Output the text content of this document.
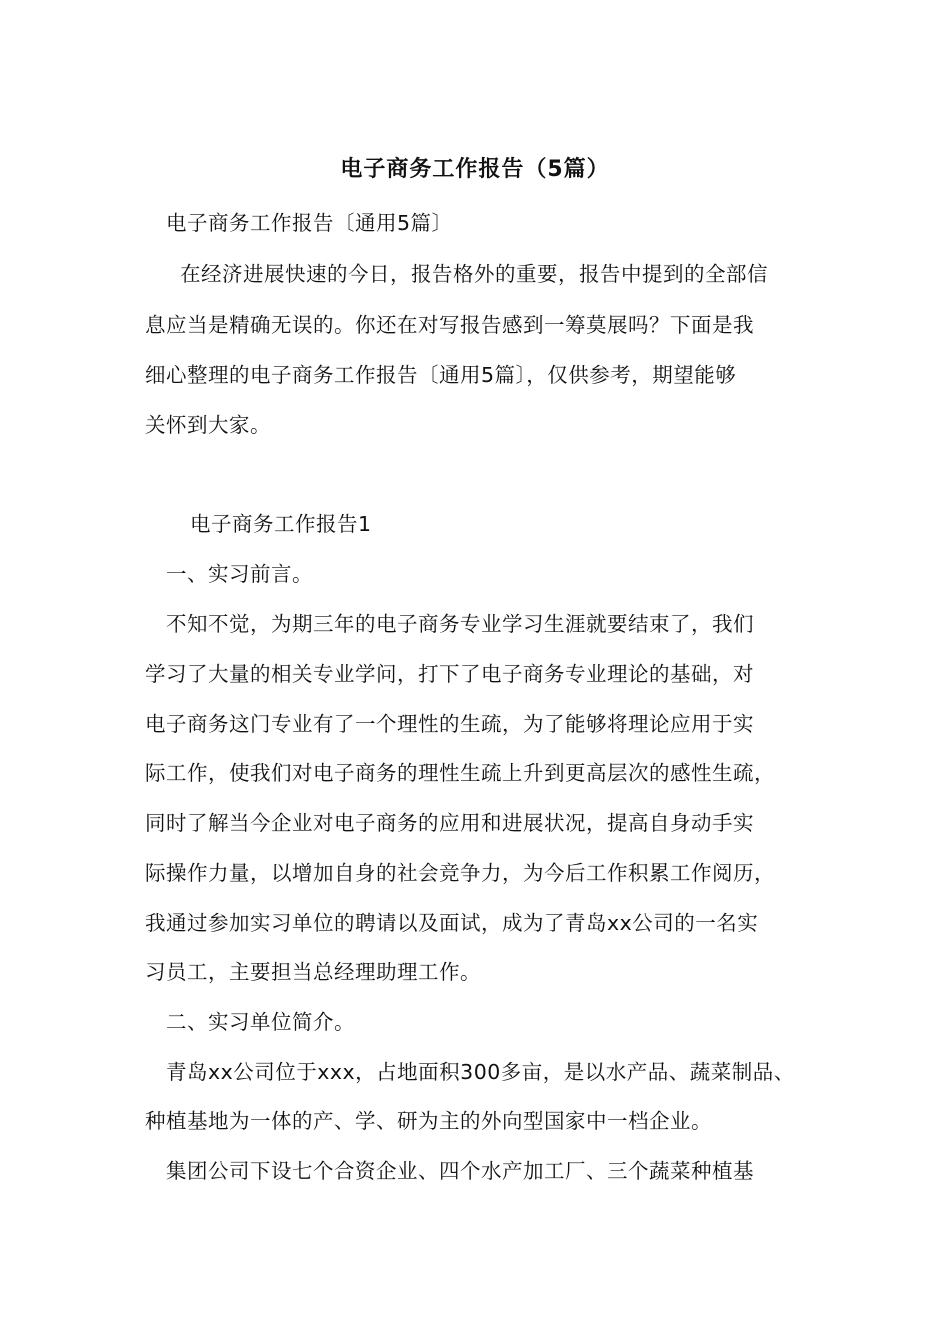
电子商务工作报告（5篇）
电子商务工作报告〔通用5篇〕
在经济进展快速的今日，报告格外的重要，报告中提到的全部信
息应当是精确无误的。你还在对写报告感到一筹莫展吗？下面是我
细心整理的电子商务工作报告〔通用5篇〕，仅供参考，期望能够
关怀到大家。
电子商务工作报告1
一、实习前言。
不知不觉，为期三年的电子商务专业学习生涯就要结束了，我们
学习了大量的相关专业学问，打下了电子商务专业理论的基础，对
电子商务这门专业有了一个理性的生疏，为了能够将理论应用于实
际工作，使我们对电子商务的理性生疏上升到更高层次的感性生疏，
同时了解当今企业对电子商务的应用和进展状况，提高自身动手实
际操作力量，以增加自身的社会竞争力，为今后工作积累工作阅历，
我通过参加实习单位的聘请以及面试，成为了青岛xx公司的一名实
习员工，主要担当总经理助理工作。
二、实习单位简介。
青岛xx公司位于xxx，占地面积300多亩，是以水产品、蔬菜制品、
种植基地为一体的产、学、研为主的外向型国家中一档企业。
集团公司下设七个合资企业、四个水产加工厂、三个蔬菜种植基
